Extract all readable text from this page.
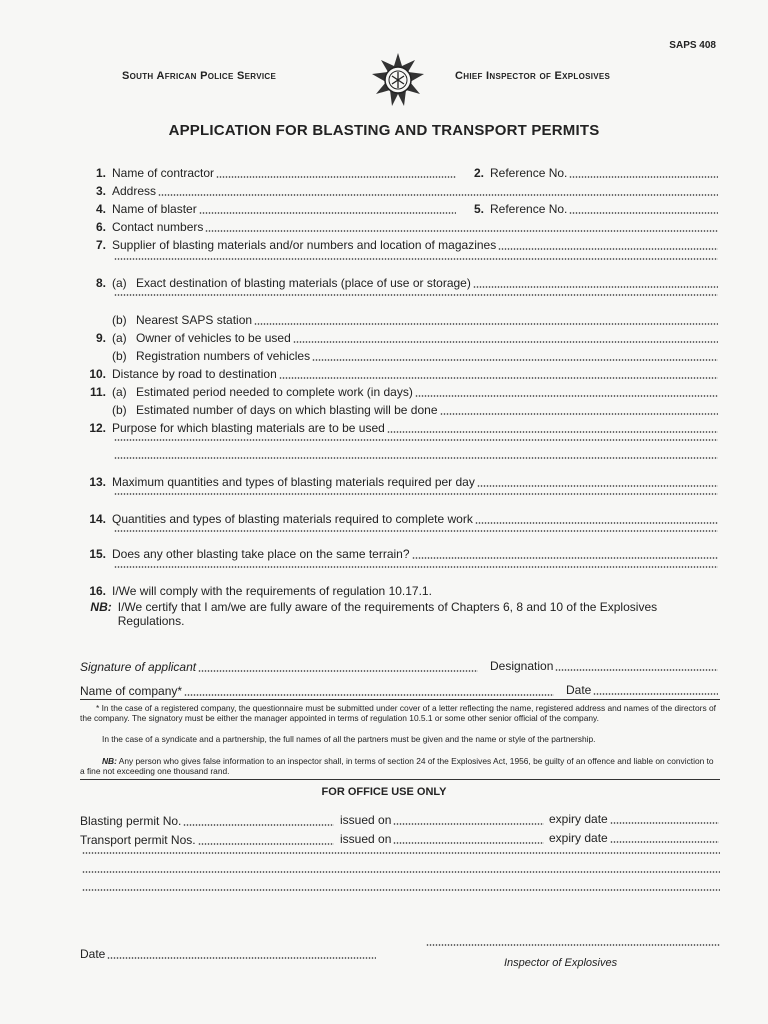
SAPS 408
South African Police Service	Chief Inspector of Explosives
APPLICATION FOR BLASTING AND TRANSPORT PERMITS
1. Name of contractor	2. Reference No.
3. Address
4. Name of blaster	5. Reference No.
6. Contact numbers
7. Supplier of blasting materials and/or numbers and location of magazines
8. (a) Exact destination of blasting materials (place of use or storage)
(b) Nearest SAPS station
9. (a) Owner of vehicles to be used
(b) Registration numbers of vehicles
10. Distance by road to destination
11. (a) Estimated period needed to complete work (in days)
(b) Estimated number of days on which blasting will be done
12. Purpose for which blasting materials are to be used
13. Maximum quantities and types of blasting materials required per day
14. Quantities and types of blasting materials required to complete work
15. Does any other blasting take place on the same terrain?
16. I/We will comply with the requirements of regulation 10.17.1.
NB: I/We certify that I am/we are fully aware of the requirements of Chapters 6, 8 and 10 of the Explosives Regulations.
Signature of applicant	Designation
Name of company*	Date
* In the case of a registered company, the questionnaire must be submitted under cover of a letter reflecting the name, registered address and names of the directors of the company. The signatory must be either the manager appointed in terms of regulation 10.5.1 or some other senior official of the company.
In the case of a syndicate and a partnership, the full names of all the partners must be given and the name or style of the partnership.
NB: Any person who gives false information to an inspector shall, in terms of section 24 of the Explosives Act, 1956, be guilty of an offence and liable on conviction to a fine not exceeding one thousand rand.
FOR OFFICE USE ONLY
Blasting permit No.	issued on	expiry date
Transport permit Nos.	issued on	expiry date
Date
Inspector of Explosives
